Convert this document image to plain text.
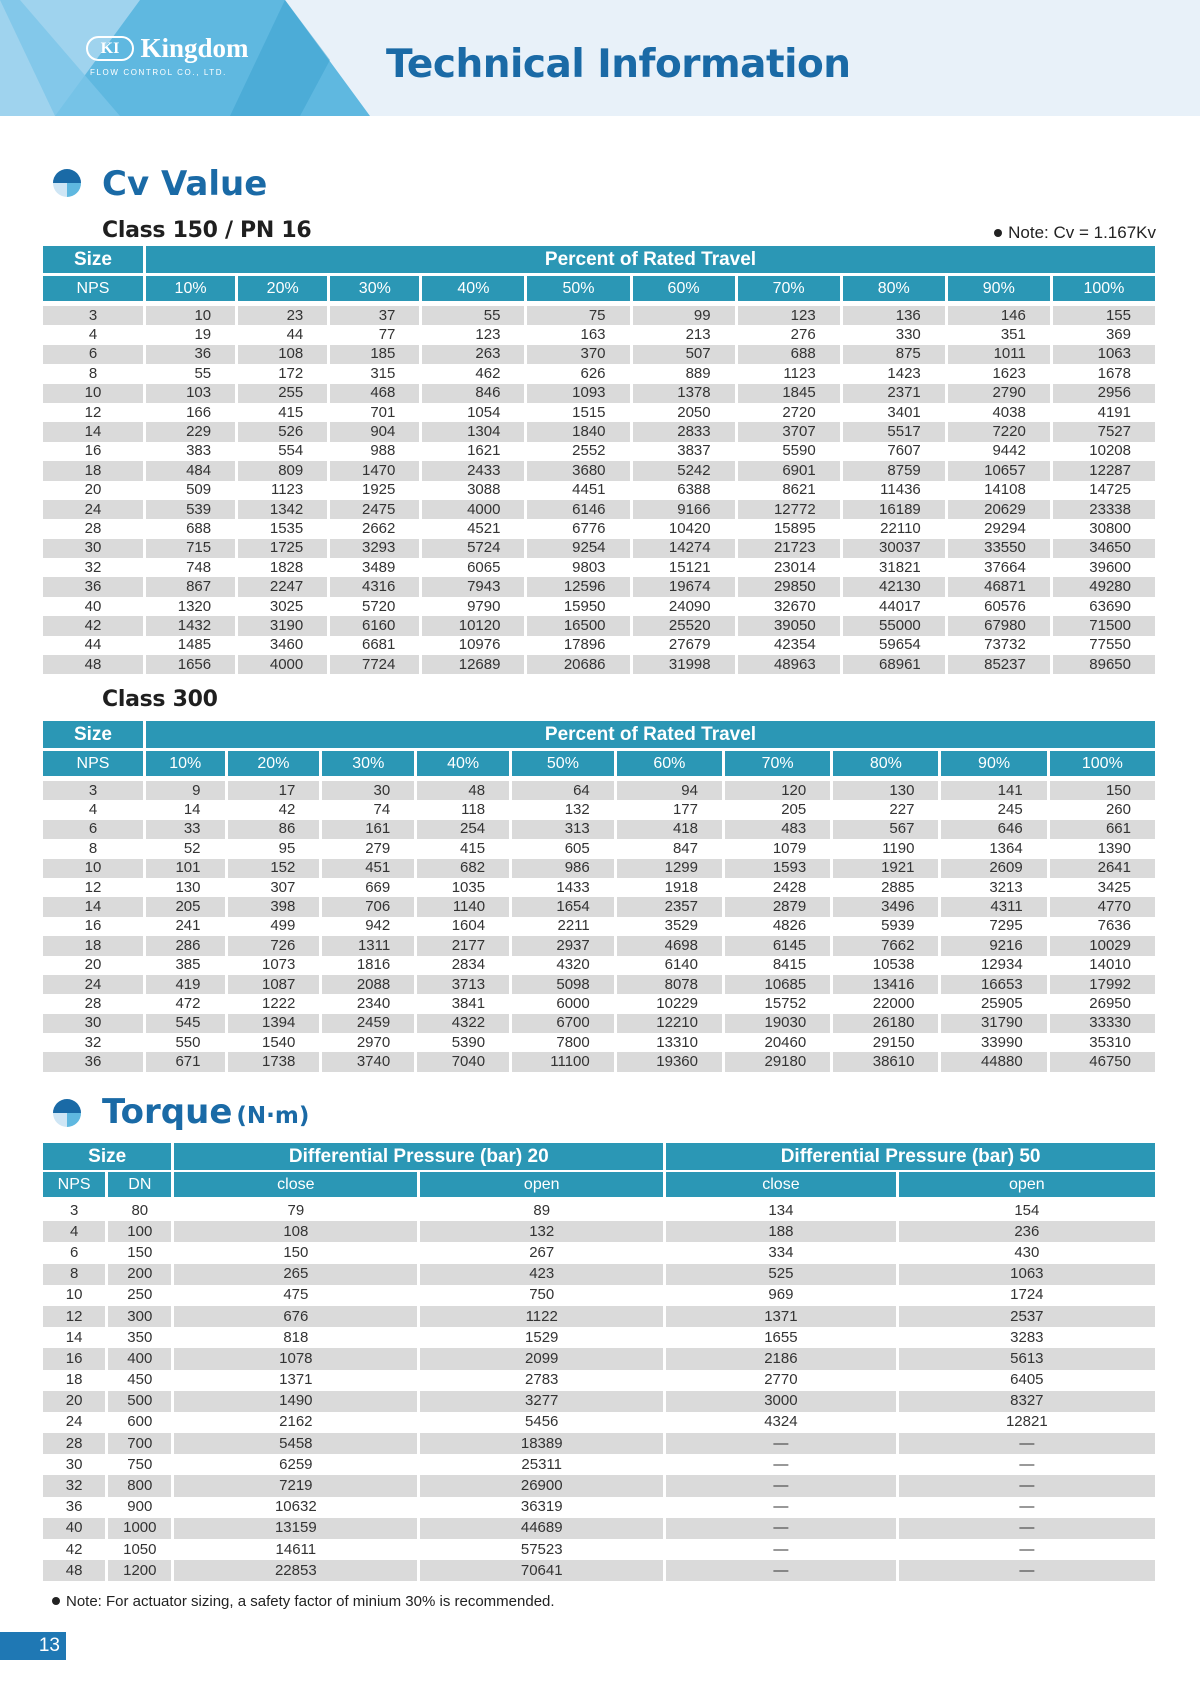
KI Kingdom
FLOW CONTROL CO., LTD.	Technical Information
Cv Value
Class 150 / PN 16	Note: Cv = 1.167Kv
Size	Percent of Rated Travel									
NPS	10%	20%	30%	40%	50%	60%	70%	80%	90%	100%
3	10	23	37	55	75	99	123	136	146	155
4	19	44	77	123	163	213	276	330	351	369
6	36	108	185	263	370	507	688	875	1011	1063
8	55	172	315	462	626	889	1123	1423	1623	1678
10	103	255	468	846	1093	1378	1845	2371	2790	2956
12	166	415	701	1054	1515	2050	2720	3401	4038	4191
14	229	526	904	1304	1840	2833	3707	5517	7220	7527
16	383	554	988	1621	2552	3837	5590	7607	9442	10208
18	484	809	1470	2433	3680	5242	6901	8759	10657	12287
20	509	1123	1925	3088	4451	6388	8621	11436	14108	14725
24	539	1342	2475	4000	6146	9166	12772	16189	20629	23338
28	688	1535	2662	4521	6776	10420	15895	22110	29294	30800
30	715	1725	3293	5724	9254	14274	21723	30037	33550	34650
32	748	1828	3489	6065	9803	15121	23014	31821	37664	39600
36	867	2247	4316	7943	12596	19674	29850	42130	46871	49280
40	1320	3025	5720	9790	15950	24090	32670	44017	60576	63690
42	1432	3190	6160	10120	16500	25520	39050	55000	67980	71500
44	1485	3460	6681	10976	17896	27679	42354	59654	73732	77550
48	1656	4000	7724	12689	20686	31998	48963	68961	85237	89650
Class 300
Size	Percent of Rated Travel									
NPS	10%	20%	30%	40%	50%	60%	70%	80%	90%	100%
3	9	17	30	48	64	94	120	130	141	150
4	14	42	74	118	132	177	205	227	245	260
6	33	86	161	254	313	418	483	567	646	661
8	52	95	279	415	605	847	1079	1190	1364	1390
10	101	152	451	682	986	1299	1593	1921	2609	2641
12	130	307	669	1035	1433	1918	2428	2885	3213	3425
14	205	398	706	1140	1654	2357	2879	3496	4311	4770
16	241	499	942	1604	2211	3529	4826	5939	7295	7636
18	286	726	1311	2177	2937	4698	6145	7662	9216	10029
20	385	1073	1816	2834	4320	6140	8415	10538	12934	14010
24	419	1087	2088	3713	5098	8078	10685	13416	16653	17992
28	472	1222	2340	3841	6000	10229	15752	22000	25905	26950
30	545	1394	2459	4322	6700	12210	19030	26180	31790	33330
32	550	1540	2970	5390	7800	13310	20460	29150	33990	35310
36	671	1738	3740	7040	11100	19360	29180	38610	44880	46750
Torque (N·m)
Size		Differential Pressure (bar) 20		Differential Pressure (bar) 50	
NPS	DN	close	open	close	open
3	80	79	89	134	154
4	100	108	132	188	236
6	150	150	267	334	430
8	200	265	423	525	1063
10	250	475	750	969	1724
12	300	676	1122	1371	2537
14	350	818	1529	1655	3283
16	400	1078	2099	2186	5613
18	450	1371	2783	2770	6405
20	500	1490	3277	3000	8327
24	600	2162	5456	4324	12821
28	700	5458	18389	—	—
30	750	6259	25311	—	—
32	800	7219	26900	—	—
36	900	10632	36319	—	—
40	1000	13159	44689	—	—
42	1050	14611	57523	—	—
48	1200	22853	70641	—	—
Note: For actuator sizing, a safety factor of minium 30% is recommended.
13
